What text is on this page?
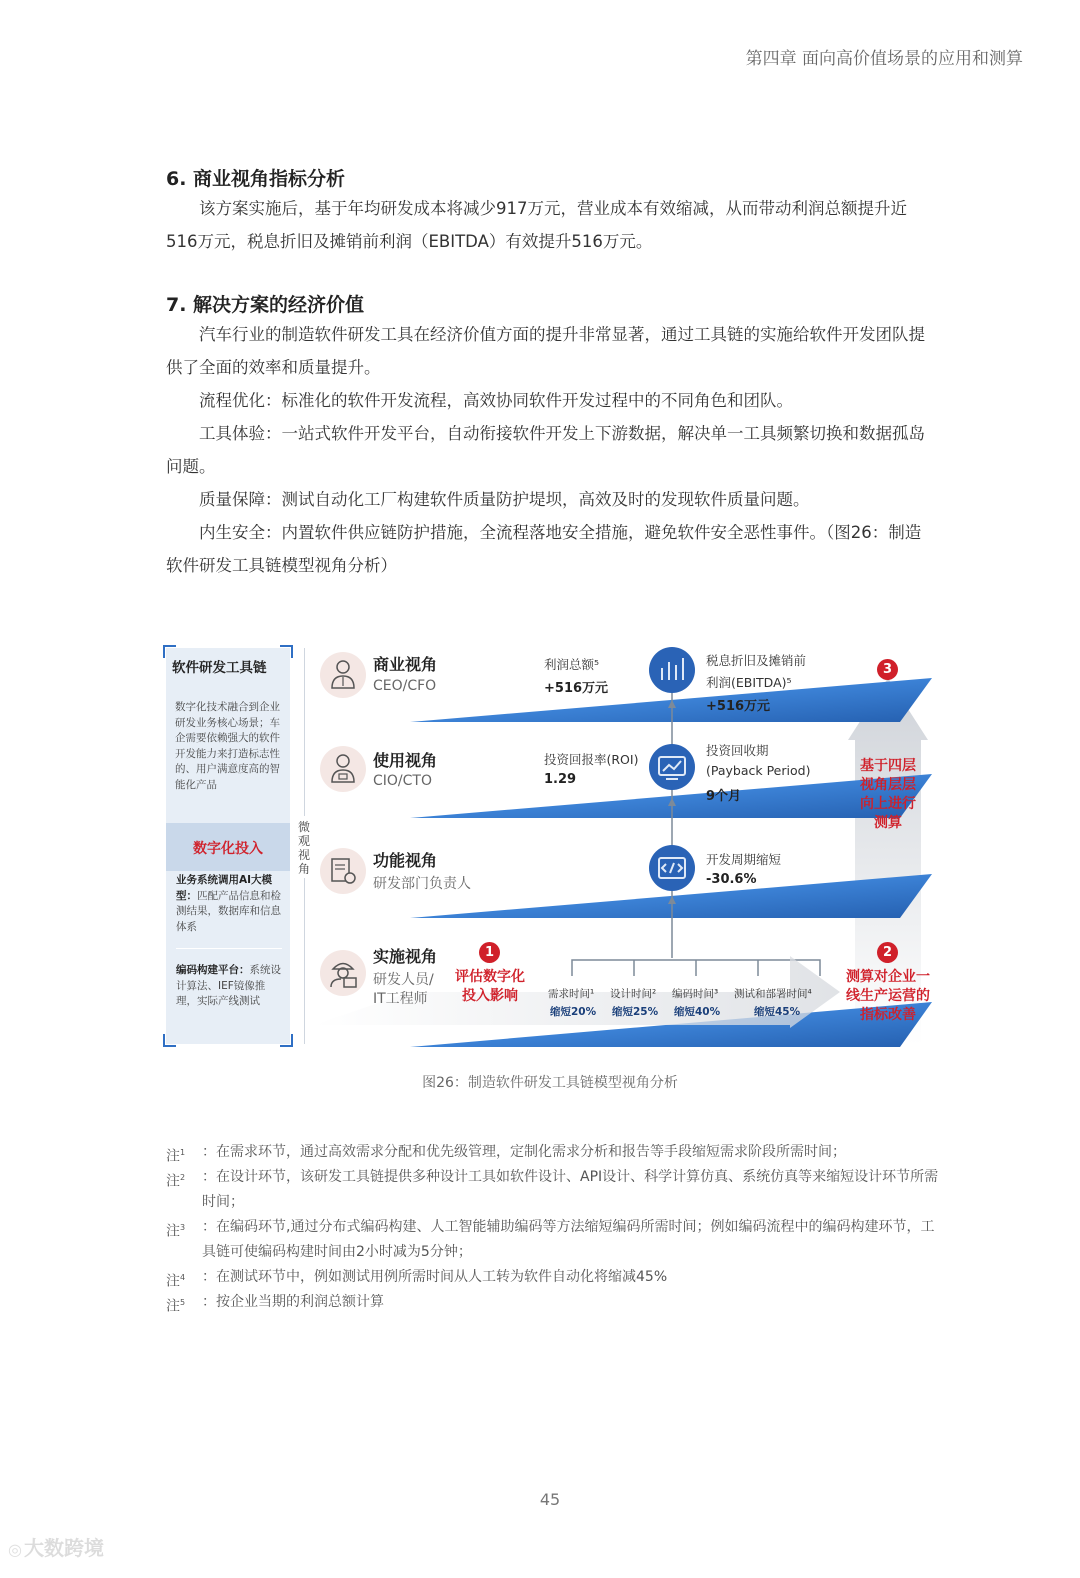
第四章 面向高价值场景的应用和测算
6. 商业视角指标分析

该方案实施后，基于年均研发成本将减少917万元，营业成本有效缩减，从而带动利润总额提升近516万元，税息折旧及摊销前利润（EBITDA）有效提升516万元。

7. 解决方案的经济价值

汽车行业的制造软件研发工具在经济价值方面的提升非常显著，通过工具链的实施给软件开发团队提供了全面的效率和质量提升。

流程优化：标准化的软件开发流程，高效协同软件开发过程中的不同角色和团队。

工具体验：一站式软件开发平台，自动衔接软件开发上下游数据，解决单一工具频繁切换和数据孤岛问题。

质量保障：测试自动化工厂构建软件质量防护堤坝，高效及时的发现软件质量问题。

内生安全：内置软件供应链防护措施，全流程落地安全措施，避免软件安全恶性事件。（图26：制造软件研发工具链模型视角分析）

软件研发工具链
数字化技术融合到企业研发业务核心场景；车企需要依赖强大的软件开发能力来打造标志性的、用户满意度高的智能化产品
数字化投入
业务系统调用AI大模型：匹配产品信息和检测结果，数据库和信息体系
编码构建平台：系统设计算法、IEF镜像推理，实际产线测试
微观视角
商业视角
CEO/CFO
使用视角
CIO/CTO
功能视角
研发部门负责人
实施视角
研发人员/
IT工程师
利润总额⁵
+516万元
税息折旧及摊销前
利润(EBITDA)⁵
+516万元
投资回报率(ROI)
1.29
投资回收期
(Payback Period)
9个月
开发周期缩短
-30.6%
需求时间¹
缩短20%
设计时间²
缩短25%
编码时间³
缩短40%
测试和部署时间⁴
缩短45%
1	2
3
评估数字化
投入影响
测算对企业一
线生产运营的
指标改善
基于四层
视角层层
向上进行
测算
图26：制造软件研发工具链模型视角分析
注$^1$ ：在需求环节，通过高效需求分配和优先级管理，定制化需求分析和报告等手段缩短需求阶段所需时间；
注$^2$ ：在设计环节，该研发工具链提供多种设计工具如软件设计、API设计、科学计算仿真、系统仿真等来缩短设计环节所需时间；
注$^3$ ：在编码环节,通过分布式编码构建、人工智能辅助编码等方法缩短编码所需时间；例如编码流程中的编码构建环节，工具链可使编码构建时间由2小时减为5分钟；
注$^4$ ：在测试环节中，例如测试用例所需时间从人工转为软件自动化将缩减45%
注$^5$ ：按企业当期的利润总额计算
45
◎ 大数跨境
